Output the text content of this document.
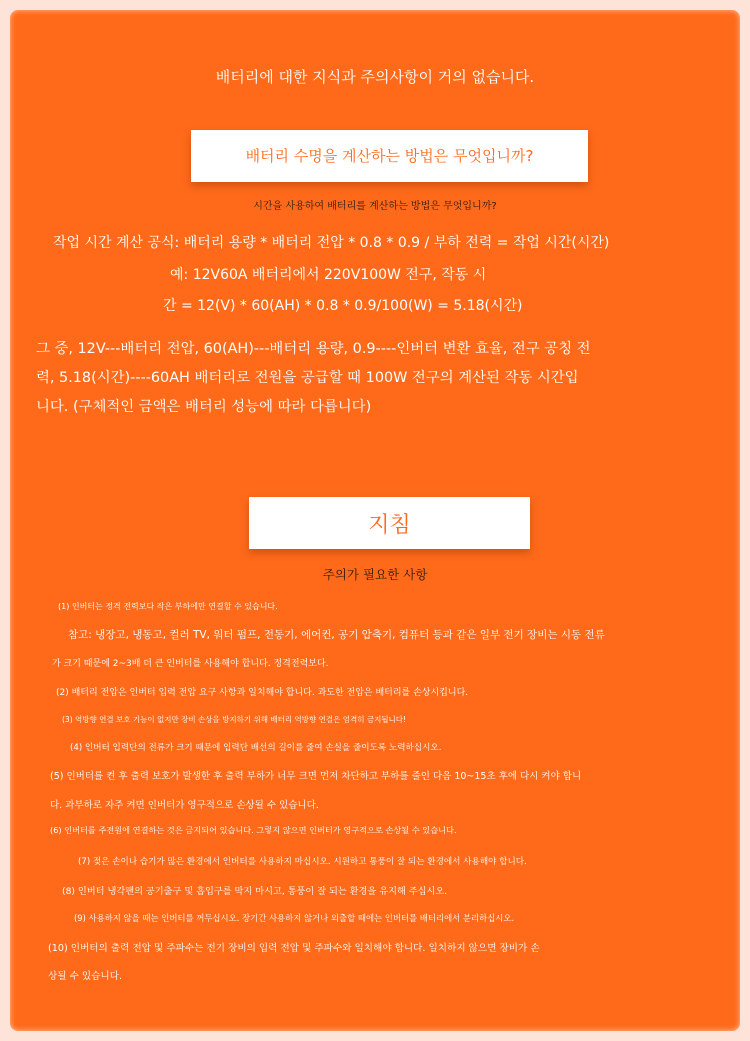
배터리에 대한 지식과 주의사항이 거의 없습니다.
배터리 수명을 계산하는 방법은 무엇입니까?
시간을 사용하여 배터리를 계산하는 방법은 무엇입니까?
작업 시간 계산 공식: 배터리 용량 * 배터리 전압 * 0.8 * 0.9 / 부하 전력 = 작업 시간(시간)
예: 12V60A 배터리에서 220V100W 전구, 작동 시
간 = 12(V) * 60(AH) * 0.8 * 0.9/100(W) = 5.18(시간)
그 중, 12V---배터리 전압, 60(AH)---배터리 용량, 0.9----인버터 변환 효율, 전구 공칭 전
력, 5.18(시간)----60AH 배터리로 전원을 공급할 때 100W 전구의 계산된 작동 시간입
니다. (구체적인 금액은 배터리 성능에 따라 다릅니다)
지침
주의가 필요한 사항
(1) 인버터는 정격 전력보다 작은 부하에만 연결할 수 있습니다.
참고: 냉장고, 냉동고, 컬러 TV, 워터 펌프, 전동기, 에어컨, 공기 압축기, 컴퓨터 등과 같은 일부 전기 장비는 시동 전류
가 크기 때문에 2~3배 더 큰 인버터를 사용해야 합니다. 정격전력보다.
(2) 배터리 전압은 인버터 입력 전압 요구 사항과 일치해야 합니다. 과도한 전압은 배터리를 손상시킵니다.
(3) 역방향 연결 보호 기능이 없지만 장비 손상을 방지하기 위해 배터리 역방향 연결은 엄격히 금지됩니다!
(4) 인버터 입력단의 전류가 크기 때문에 입력단 배선의 길이를 줄여 손실을 줄이도록 노력하십시오.
(5) 인버터를 켠 후 출력 보호가 발생한 후 출력 부하가 너무 크면 먼저 차단하고 부하를 줄인 다음 10~15초 후에 다시 켜야 합니
다. 과부하로 자주 켜면 인버터가 영구적으로 손상될 수 있습니다.
(6) 인버터를 주전원에 연결하는 것은 금지되어 있습니다. 그렇지 않으면 인버터가 영구적으로 손상될 수 있습니다.
(7) 젖은 손이나 습기가 많은 환경에서 인버터를 사용하지 마십시오. 시원하고 통풍이 잘 되는 환경에서 사용해야 합니다.
(8) 인버터 냉각팬의 공기출구 및 흡입구를 막지 마시고, 통풍이 잘 되는 환경을 유지해 주십시오.
(9) 사용하지 않을 때는 인버터를 꺼두십시오. 장기간 사용하지 않거나 외출할 때에는 인버터를 배터리에서 분리하십시오.
(10) 인버터의 출력 전압 및 주파수는 전기 장비의 입력 전압 및 주파수와 일치해야 합니다. 일치하지 않으면 장비가 손
상될 수 있습니다.
